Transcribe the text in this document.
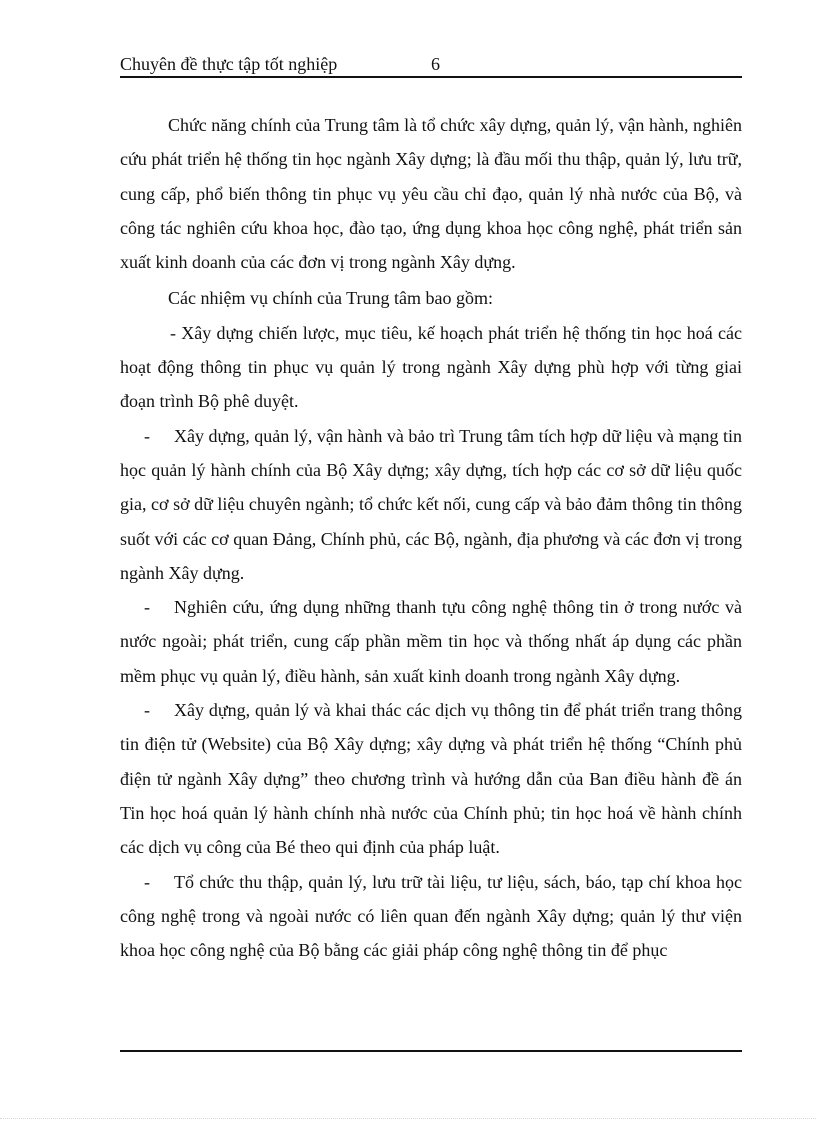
Chuyên đề thực tập tốt nghiệp	6

Chức năng chính của Trung tâm là tổ chức xây dựng, quản lý, vận hành, nghiên cứu phát triển hệ thống tin học ngành Xây dựng; là đầu mối thu thập, quản lý, lưu trữ, cung cấp, phổ biến thông tin phục vụ yêu cầu chỉ đạo, quản lý nhà nước của Bộ, và công tác nghiên cứu khoa học, đào tạo, ứng dụng khoa học công nghệ, phát triển sản xuất kinh doanh của các đơn vị trong ngành Xây dựng.

Các nhiệm vụ chính của Trung tâm bao gồm:

- Xây dựng chiến lược, mục tiêu, kế hoạch phát triển hệ thống tin học hoá các hoạt động thông tin phục vụ quản lý trong ngành Xây dựng phù hợp với từng giai đoạn trình Bộ phê duyệt.

- Xây dựng, quản lý, vận hành và bảo trì Trung tâm tích hợp dữ liệu và mạng tin học quản lý hành chính của Bộ Xây dựng; xây dựng, tích hợp các cơ sở dữ liệu quốc gia, cơ sở dữ liệu chuyên ngành; tổ chức kết nối, cung cấp và bảo đảm thông tin thông suốt với các cơ quan Đảng, Chính phủ, các Bộ, ngành, địa phương và các đơn vị trong ngành Xây dựng.

- Nghiên cứu, ứng dụng những thanh tựu công nghệ thông tin ở trong nước và nước ngoài; phát triển, cung cấp phần mềm tin học và thống nhất áp dụng các phần mềm phục vụ quản lý, điều hành, sản xuất kinh doanh trong ngành Xây dựng.

- Xây dựng, quản lý và khai thác các dịch vụ thông tin để phát triển trang thông tin điện tử (Website) của Bộ Xây dựng; xây dựng và phát triển hệ thống “Chính phủ điện tử ngành Xây dựng” theo chương trình và hướng dẫn của Ban điều hành đề án Tin học hoá quản lý hành chính nhà nước của Chính phủ; tin học hoá về hành chính các dịch vụ công của Bé theo qui định của pháp luật.

- Tổ chức thu thập, quản lý, lưu trữ tài liệu, tư liệu, sách, báo, tạp chí khoa học công nghệ trong và ngoài nước có liên quan đến ngành Xây dựng; quản lý thư viện khoa học công nghệ của Bộ bằng các giải pháp công nghệ thông tin để phục
